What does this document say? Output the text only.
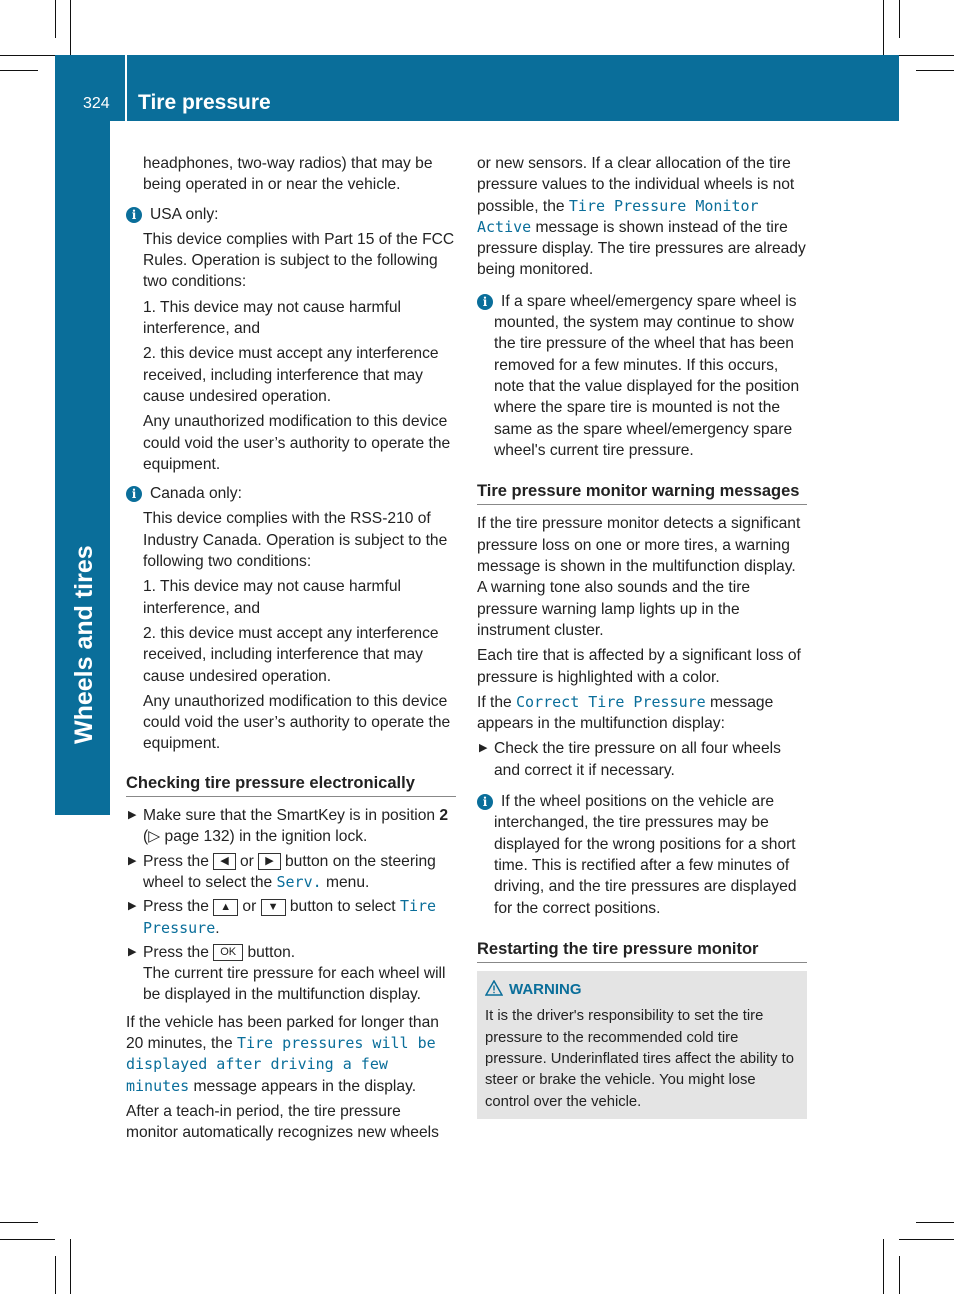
324 Tire pressure
Wheels and tires

headphones, two-way radios) that may be being operated in or near the vehicle.

i USA only:

This device complies with Part 15 of the FCC Rules. Operation is subject to the following two conditions:

1. This device may not cause harmful interference, and

2. this device must accept any interference received, including interference that may cause undesired operation.

Any unauthorized modification to this device could void the user’s authority to operate the equipment.

i Canada only:

This device complies with the RSS-210 of Industry Canada. Operation is subject to the following two conditions:

1. This device may not cause harmful interference, and

2. this device must accept any interference received, including interference that may cause undesired operation.

Any unauthorized modification to this device could void the user’s authority to operate the equipment.

Checking tire pressure electronically
▶ Make sure that the SmartKey is in position 2 (▷ page 132) in the ignition lock.
▶ Press the ◀ or ▶ button on the steering wheel to select the Serv. menu.
▶ Press the ▲ or ▼ button to select Tire Pressure.
▶ Press the OK button.
The current tire pressure for each wheel will be displayed in the multifunction display.

If the vehicle has been parked for longer than 20 minutes, the Tire pressures will be displayed after driving a few minutes message appears in the display.

After a teach-in period, the tire pressure monitor automatically recognizes new wheels

or new sensors. If a clear allocation of the tire pressure values to the individual wheels is not possible, the Tire Pressure Monitor Active message is shown instead of the tire pressure display. The tire pressures are already being monitored.

i If a spare wheel/emergency spare wheel is mounted, the system may continue to show the tire pressure of the wheel that has been removed for a few minutes. If this occurs, note that the value displayed for the position where the spare tire is mounted is not the same as the spare wheel/emergency spare wheel's current tire pressure.

Tire pressure monitor warning messages

If the tire pressure monitor detects a significant pressure loss on one or more tires, a warning message is shown in the multifunction display. A warning tone also sounds and the tire pressure warning lamp lights up in the instrument cluster.

Each tire that is affected by a significant loss of pressure is highlighted with a color.

If the Correct Tire Pressure message appears in the multifunction display:

▶ Check the tire pressure on all four wheels and correct it if necessary.

i If the wheel positions on the vehicle are interchanged, the tire pressures may be displayed for the wrong positions for a short time. This is rectified after a few minutes of driving, and the tire pressures are displayed for the correct positions.

Restarting the tire pressure monitor
WARNING
It is the driver's responsibility to set the tire pressure to the recommended cold tire pressure. Underinflated tires affect the ability to steer or brake the vehicle. You might lose control over the vehicle.
